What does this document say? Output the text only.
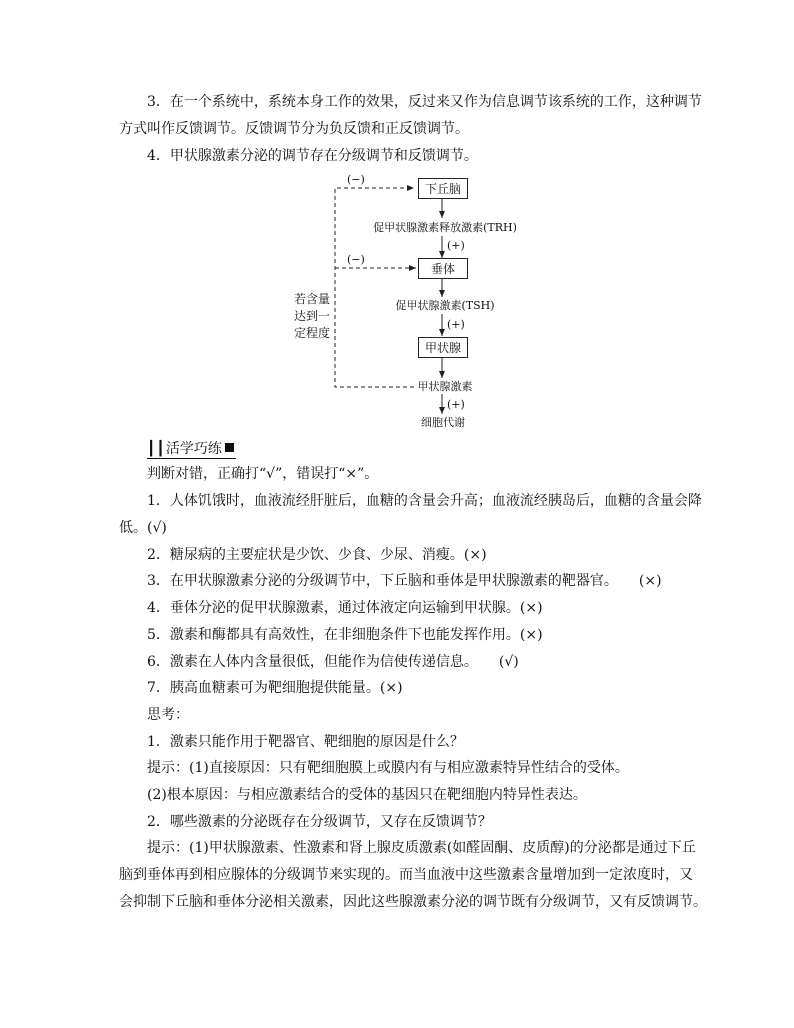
3．在一个系统中，系统本身工作的效果，反过来又作为信息调节该系统的工作，这种调节
方式叫作反馈调节。反馈调节分为负反馈和正反馈调节。
4．甲状腺激素分泌的调节存在分级调节和反馈调节。
下丘脑
促甲状腺激素释放激素(TRH)
(+)
垂体
促甲状腺激素(TSH)
(+)
甲状腺
甲状腺激素
(+)
细胞代谢
(−)
(−)
若含量
达到一
定程度
┃┃活学巧练
判断对错，正确打“√”，错误打“×”。
1．人体饥饿时，血液流经肝脏后，血糖的含量会升高；血液流经胰岛后，血糖的含量会降
低。(√)
2．糖尿病的主要症状是少饮、少食、少尿、消瘦。(×)
3．在甲状腺激素分泌的分级调节中，下丘脑和垂体是甲状腺激素的靶器官。　　(×)
4．垂体分泌的促甲状腺激素，通过体液定向运输到甲状腺。(×)
5．激素和酶都具有高效性，在非细胞条件下也能发挥作用。(×)
6．激素在人体内含量很低，但能作为信使传递信息。　　(√)
7．胰高血糖素可为靶细胞提供能量。(×)
思考：
1．激素只能作用于靶器官、靶细胞的原因是什么？
提示：(1)直接原因：只有靶细胞膜上或膜内有与相应激素特异性结合的受体。
(2)根本原因：与相应激素结合的受体的基因只在靶细胞内特异性表达。
2．哪些激素的分泌既存在分级调节，又存在反馈调节？
提示：(1)甲状腺激素、性激素和肾上腺皮质激素(如醛固酮、皮质醇)的分泌都是通过下丘
脑到垂体再到相应腺体的分级调节来实现的。而当血液中这些激素含量增加到一定浓度时，又
会抑制下丘脑和垂体分泌相关激素，因此这些腺激素分泌的调节既有分级调节，又有反馈调节。
